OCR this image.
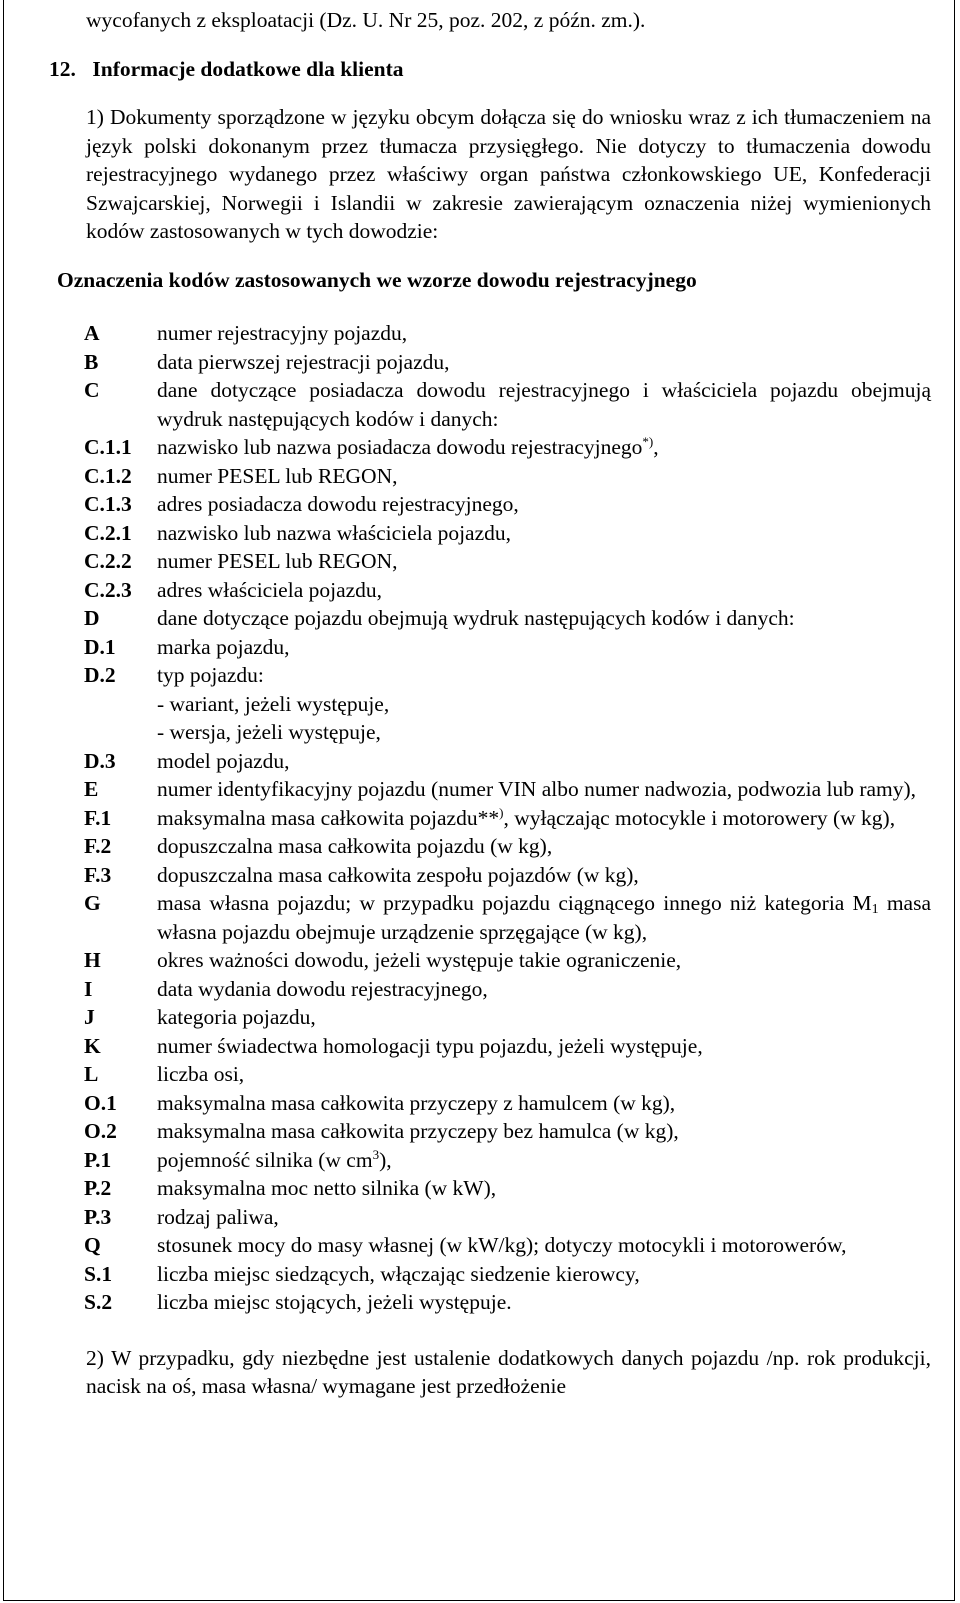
wycofanych z eksploatacji (Dz. U. Nr 25, poz. 202, z późn. zm.).

12. Informacje dodatkowe dla klienta

1) Dokumenty sporządzone w języku obcym dołącza się do wniosku wraz z ich tłumaczeniem na język polski dokonanym przez tłumacza przysięgłego. Nie dotyczy to tłumaczenia dowodu rejestracyjnego wydanego przez właściwy organ państwa członkowskiego UE, Konfederacji Szwajcarskiej, Norwegii i Islandii w zakresie zawierającym oznaczenia niżej wymienionych kodów zastosowanych w tych dowodzie:

Oznaczenia kodów zastosowanych we wzorze dowodu rejestracyjnego

A	numer rejestracyjny pojazdu,
B	data pierwszej rejestracji pojazdu,
C	dane dotyczące posiadacza dowodu rejestracyjnego i właściciela pojazdu obejmują wydruk następujących kodów i danych:
C.1.1	nazwisko lub nazwa posiadacza dowodu rejestracyjnego*),
C.1.2	numer PESEL lub REGON,
C.1.3	adres posiadacza dowodu rejestracyjnego,
C.2.1	nazwisko lub nazwa właściciela pojazdu,
C.2.2	numer PESEL lub REGON,
C.2.3	adres właściciela pojazdu,
D	dane dotyczące pojazdu obejmują wydruk następujących kodów i danych:
D.1	marka pojazdu,
D.2	typ pojazdu:
- wariant, jeżeli występuje,
- wersja, jeżeli występuje,
D.3	model pojazdu,
E	numer identyfikacyjny pojazdu (numer VIN albo numer nadwozia, podwozia lub ramy),
F.1	maksymalna masa całkowita pojazdu**), wyłączając motocykle i motorowery (w kg),
F.2	dopuszczalna masa całkowita pojazdu (w kg),
F.3	dopuszczalna masa całkowita zespołu pojazdów (w kg),
G	masa własna pojazdu; w przypadku pojazdu ciągnącego innego niż kategoria $M_1$ masa własna pojazdu obejmuje urządzenie sprzęgające (w kg),
H	okres ważności dowodu, jeżeli występuje takie ograniczenie,
I	data wydania dowodu rejestracyjnego,
J	kategoria pojazdu,
K	numer świadectwa homologacji typu pojazdu, jeżeli występuje,
L	liczba osi,
O.1	maksymalna masa całkowita przyczepy z hamulcem (w kg),
O.2	maksymalna masa całkowita przyczepy bez hamulca (w kg),
P.1	pojemność silnika (w $cm^3$),
P.2	maksymalna moc netto silnika (w kW),
P.3	rodzaj paliwa,
Q	stosunek mocy do masy własnej (w kW/kg); dotyczy motocykli i motorowerów,
S.1	liczba miejsc siedzących, włączając siedzenie kierowcy,
S.2	liczba miejsc stojących, jeżeli występuje.

2) W przypadku, gdy niezbędne jest ustalenie dodatkowych danych pojazdu /np. rok produkcji, nacisk na oś, masa własna/ wymagane jest przedłożenie
